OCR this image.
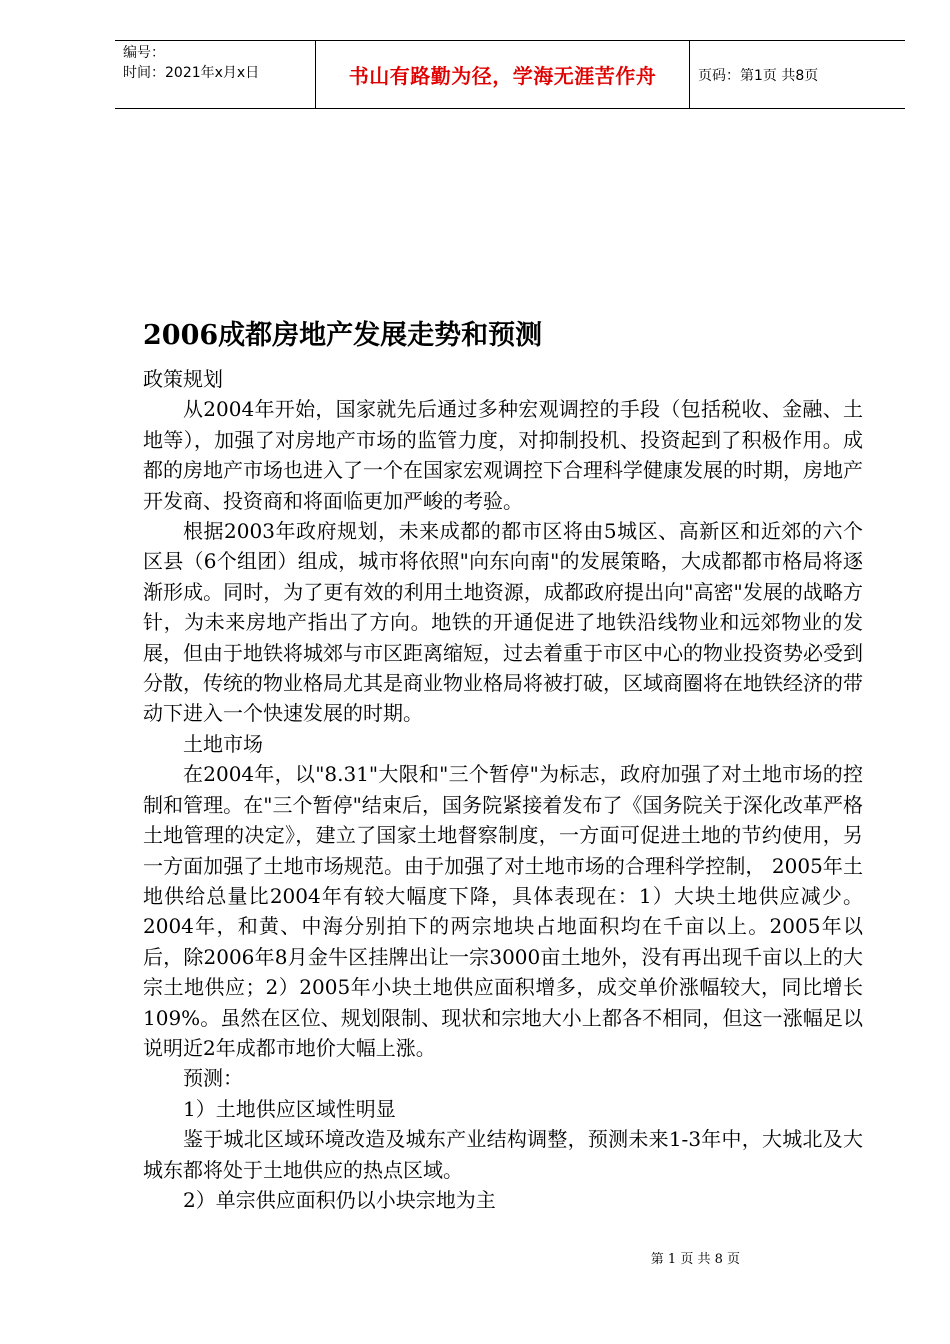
编号：
时间：2021年x月x日	书山有路勤为径，学海无涯苦作舟	页码：第1页 共8页
2006成都房地产发展走势和预测

政策规划

从2004年开始，国家就先后通过多种宏观调控的手段（包括税收、金融、土地等），加强了对房地产市场的监管力度，对抑制投机、投资起到了积极作用。成都的房地产市场也进入了一个在国家宏观调控下合理科学健康发展的时期，房地产开发商、投资商和将面临更加严峻的考验。

根据2003年政府规划，未来成都的都市区将由5城区、高新区和近郊的六个区县（6个组团）组成，城市将依照"向东向南"的发展策略，大成都都市格局将逐渐形成。同时，为了更有效的利用土地资源，成都政府提出向"高密"发展的战略方针，为未来房地产指出了方向。地铁的开通促进了地铁沿线物业和远郊物业的发展，但由于地铁将城郊与市区距离缩短，过去着重于市区中心的物业投资势必受到分散，传统的物业格局尤其是商业物业格局将被打破，区域商圈将在地铁经济的带动下进入一个快速发展的时期。

土地市场

在2004年，以"8.31"大限和"三个暂停"为标志，政府加强了对土地市场的控制和管理。在"三个暂停"结束后，国务院紧接着发布了《国务院关于深化改革严格土地管理的决定》，建立了国家土地督察制度，一方面可促进土地的节约使用，另一方面加强了土地市场规范。由于加强了对土地市场的合理科学控制， 2005年土地供给总量比2004年有较大幅度下降，具体表现在：1）大块土地供应减少。2004年，和黄、中海分别拍下的两宗地块占地面积均在千亩以上。2005年以后，除2006年8月金牛区挂牌出让一宗3000亩土地外，没有再出现千亩以上的大宗土地供应；2）2005年小块土地供应面积增多，成交单价涨幅较大，同比增长109%。虽然在区位、规划限制、现状和宗地大小上都各不相同，但这一涨幅足以说明近2年成都市地价大幅上涨。

预测：

1）土地供应区域性明显

鉴于城北区域环境改造及城东产业结构调整，预测未来1-3年中，大城北及大城东都将处于土地供应的热点区域。

2）单宗供应面积仍以小块宗地为主

第 1 页 共 8 页
